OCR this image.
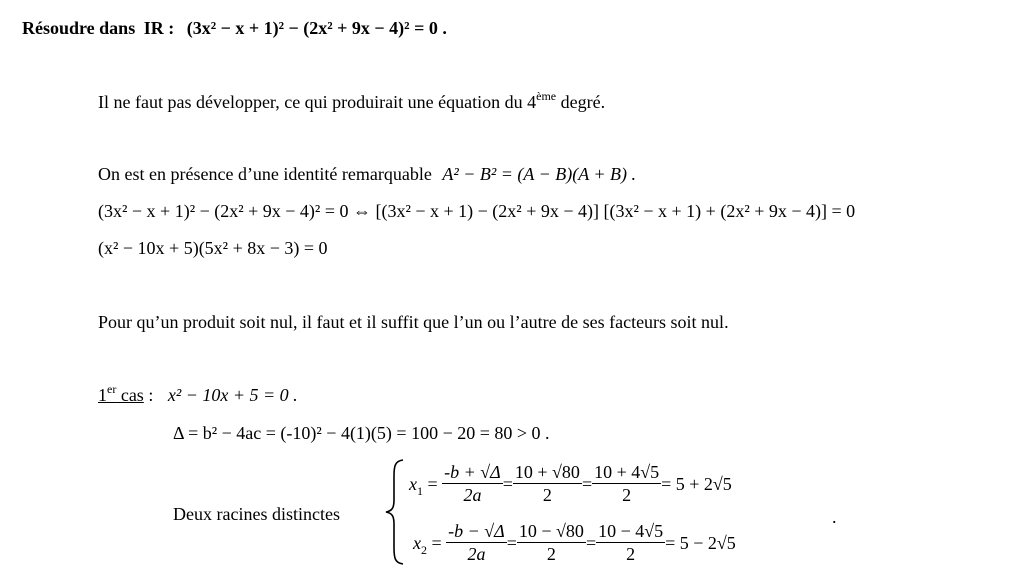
Résoudre dans IR : (3x² − x + 1)² − (2x² + 9x − 4)² = 0 .
Il ne faut pas développer, ce qui produirait une équation du 4ème degré.
On est en présence d’une identité remarquable A² − B² = (A − B)(A + B) .
(3x² − x + 1)² − (2x² + 9x − 4)² = 0 ⇔ [(3x² − x + 1) − (2x² + 9x − 4)] [(3x² − x + 1) + (2x² + 9x − 4)] = 0
(x² − 10x + 5)(5x² + 8x − 3) = 0
Pour qu’un produit soit nul, il faut et il suffit que l’un ou l’autre de ses facteurs soit nul.
1er cas : x² − 10x + 5 = 0 .
Δ = b² − 4ac = (-10)² − 4(1)(5) = 100 − 20 = 80 > 0 .
Deux racines distinctes
$x_1 = \frac{-b + √\Delta}{2a} = \frac{10 + √80}{2} = \frac{10 + 4√5}{2} = 5 + 2√5$
$x_2 = \frac{-b - √\Delta}{2a} = \frac{10 - √80}{2} = \frac{10 - 4√5}{2} = 5 - 2√5$
.
